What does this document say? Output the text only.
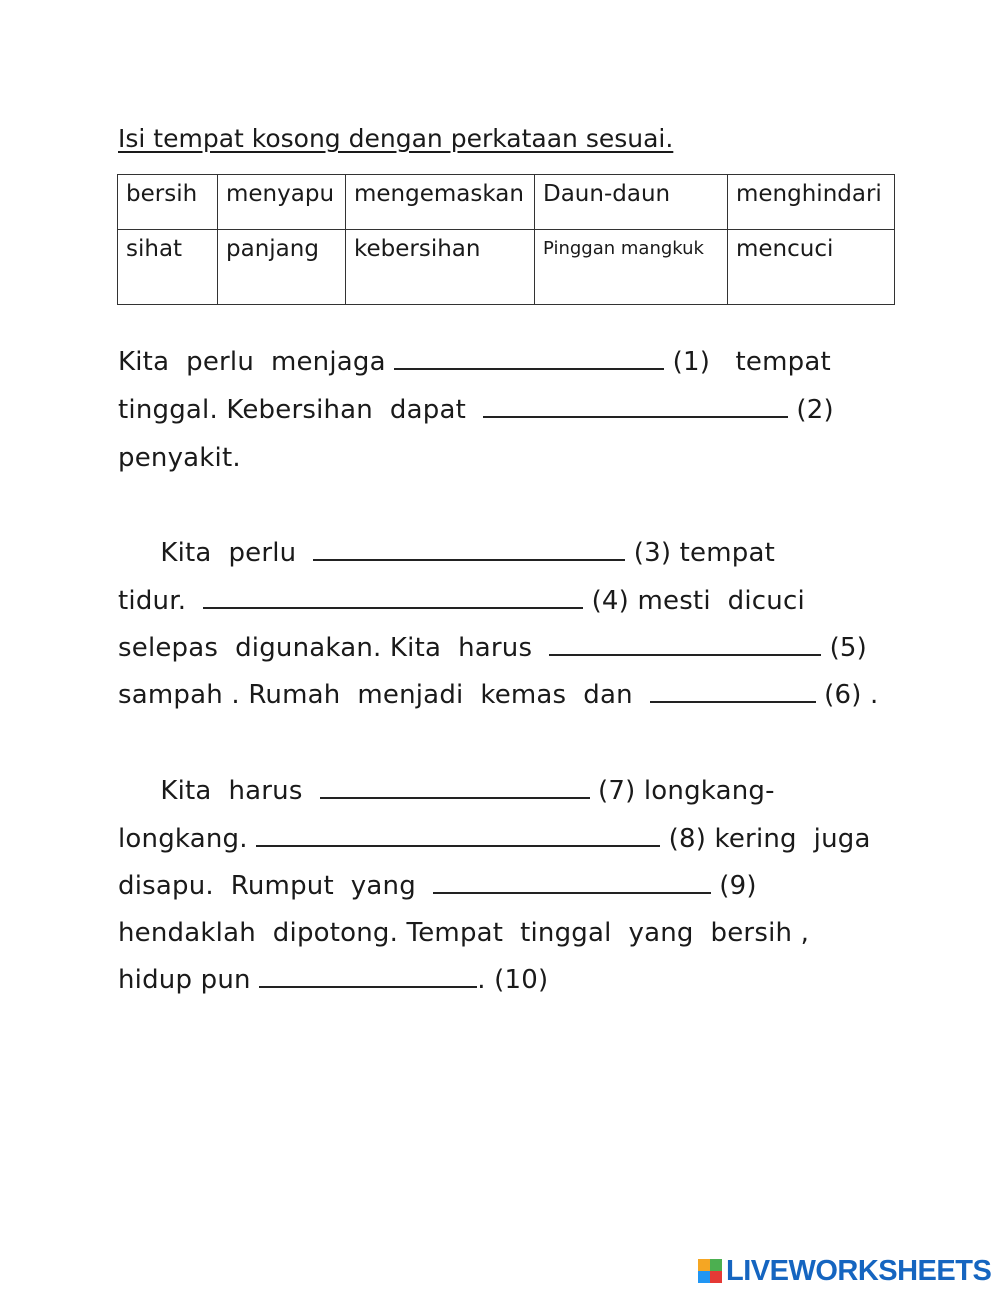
Isi tempat kosong dengan perkataan sesuai.
bersih	menyapu	mengemaskan	Daun-daun	menghindari
sihat	panjang	kebersihan	Pinggan mangkuk	mencuci
Kita  perlu  menjaga	(1)   tempat
tinggal. Kebersihan  dapat	(2)
penyakit.
Kita  perlu	(3) tempat
tidur.	(4) mesti  dicuci
selepas  digunakan. Kita  harus	(5)
sampah . Rumah  menjadi  kemas  dan	(6) .
Kita  harus	(7) longkang-
longkang.	(8) kering  juga
disapu.  Rumput  yang	(9)
hendaklah  dipotong. Tempat  tinggal  yang  bersih ,
hidup pun	. (10)
LIVEWORKSHEETS
